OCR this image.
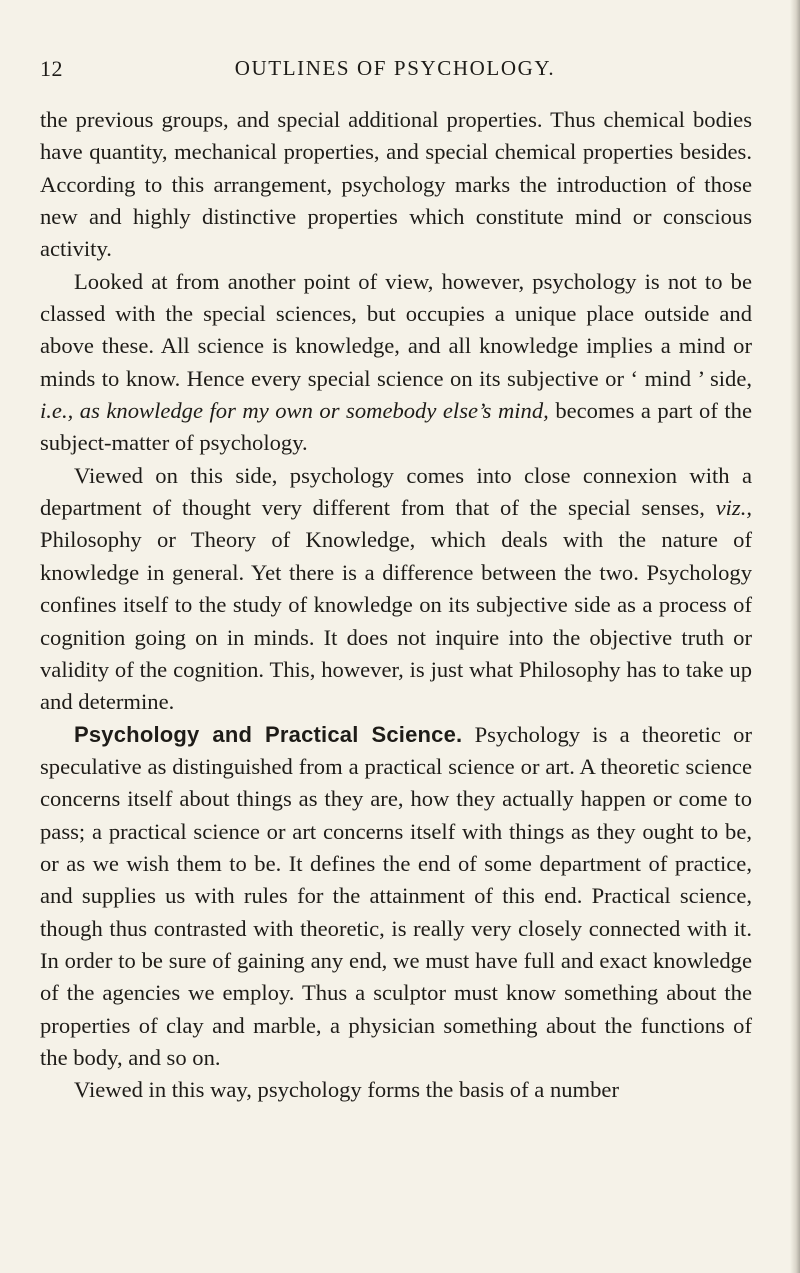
12	OUTLINES OF PSYCHOLOGY.

the previous groups, and special additional properties. Thus chemical bodies have quantity, mechanical properties, and special chemical properties besides. According to this arrangement, psychology marks the introduction of those new and highly distinctive properties which constitute mind or conscious activity.

Looked at from another point of view, however, psychology is not to be classed with the special sciences, but occupies a unique place outside and above these. All science is knowledge, and all knowledge implies a mind or minds to know. Hence every special science on its subjective or ‘ mind ’ side, i.e., as knowledge for my own or somebody else’s mind, becomes a part of the subject-matter of psychology.

Viewed on this side, psychology comes into close connexion with a department of thought very different from that of the special senses, viz., Philosophy or Theory of Knowledge, which deals with the nature of knowledge in general. Yet there is a difference between the two. Psychology confines itself to the study of knowledge on its subjective side as a process of cognition going on in minds. It does not inquire into the objective truth or validity of the cognition. This, however, is just what Philosophy has to take up and determine.

Psychology and Practical Science. Psychology is a theoretic or speculative as distinguished from a practical science or art. A theoretic science concerns itself about things as they are, how they actually happen or come to pass; a practical science or art concerns itself with things as they ought to be, or as we wish them to be. It defines the end of some department of practice, and supplies us with rules for the attainment of this end. Practical science, though thus contrasted with theoretic, is really very closely connected with it. In order to be sure of gaining any end, we must have full and exact knowledge of the agencies we employ. Thus a sculptor must know something about the properties of clay and marble, a physician something about the functions of the body, and so on.

Viewed in this way, psychology forms the basis of a number
